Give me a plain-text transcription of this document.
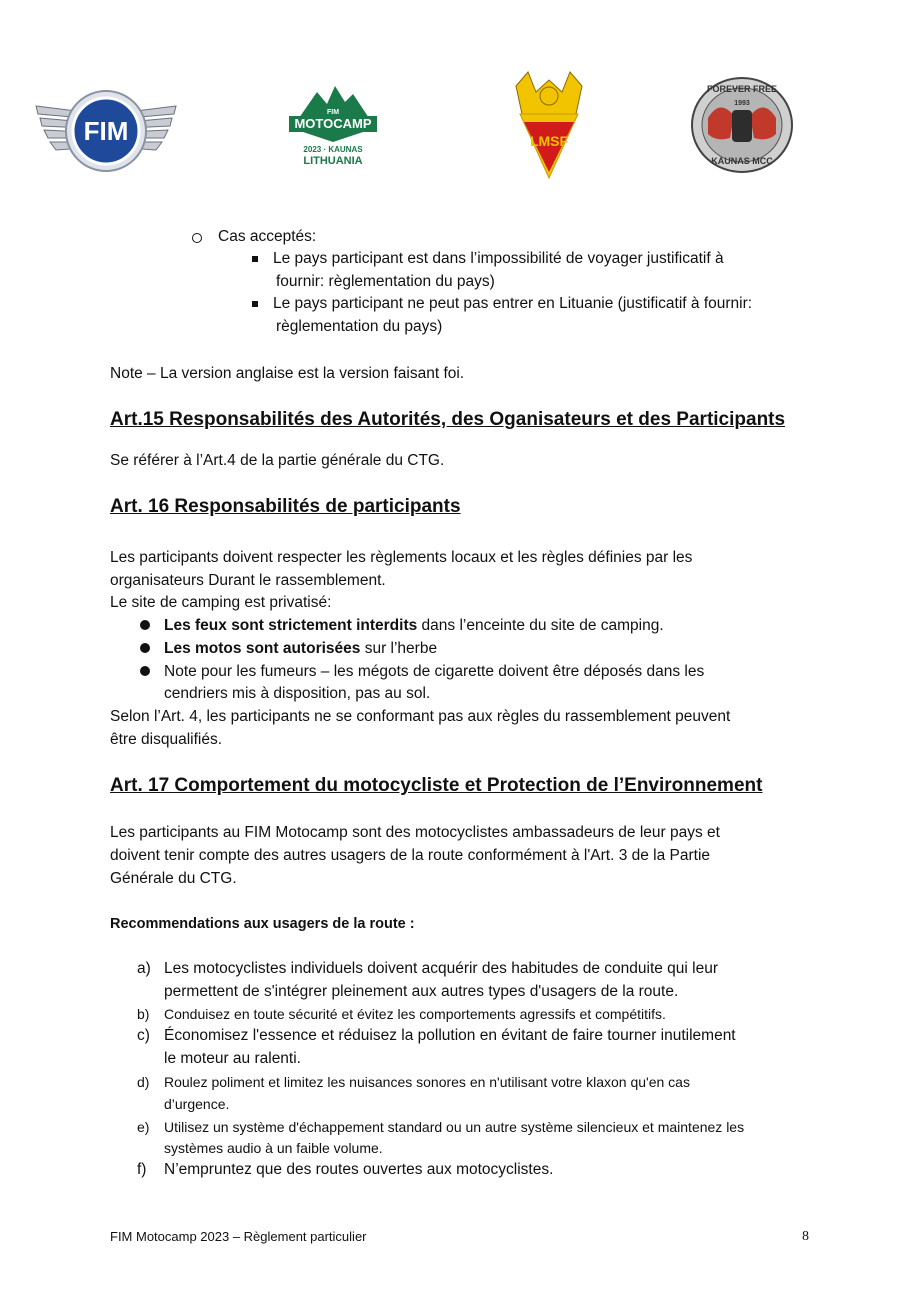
FIM
FIM
MOTOCAMP
2023 · KAUNAS
LITHUANIA
LMSF
FOREVER FREE
1993
KAUNAS MCC
Cas acceptés:
Le pays participant est dans l’impossibilité de voyager justificatif à
fournir: règlementation du pays)
Le pays participant ne peut pas entrer en Lituanie (justificatif à fournir:
règlementation du pays)
Note – La version anglaise est la version faisant foi.
Art.15 Responsabilités des Autorités, des Oganisateurs et des Participants
Se référer à l’Art.4 de la partie générale du CTG.
Art. 16 Responsabilités de participants
Les participants doivent respecter les règlements locaux et les règles définies par les
organisateurs Durant le rassemblement.
Le site de camping est privatisé:
Les feux sont strictement interdits dans l’enceinte du site de camping.
Les motos sont autorisées sur l’herbe
Note pour les fumeurs – les mégots de cigarette doivent être déposés dans les
cendriers mis à disposition, pas au sol.
Selon l’Art. 4, les participants ne se conformant pas aux règles du rassemblement peuvent
être disqualifiés.
Art. 17 Comportement du motocycliste et Protection de l’Environnement
Les participants au FIM Motocamp sont des motocyclistes ambassadeurs de leur pays et
doivent tenir compte des autres usagers de la route conformément à l'Art. 3 de la Partie
Générale du CTG.
Recommendations aux usagers de la route :
a) Les motocyclistes individuels doivent acquérir des habitudes de conduite qui leur
permettent de s'intégrer pleinement aux autres types d'usagers de la route.
b) Conduisez en toute sécurité et évitez les comportements agressifs et compétitifs.
c) Économisez l'essence et réduisez la pollution en évitant de faire tourner inutilement
le moteur au ralenti.
d) Roulez poliment et limitez les nuisances sonores en n'utilisant votre klaxon qu'en cas
d’urgence.
e) Utilisez un système d'échappement standard ou un autre système silencieux et maintenez les
systèmes audio à un faible volume.
f) N’empruntez que des routes ouvertes aux motocyclistes.
FIM Motocamp 2023 – Règlement particulier	8
